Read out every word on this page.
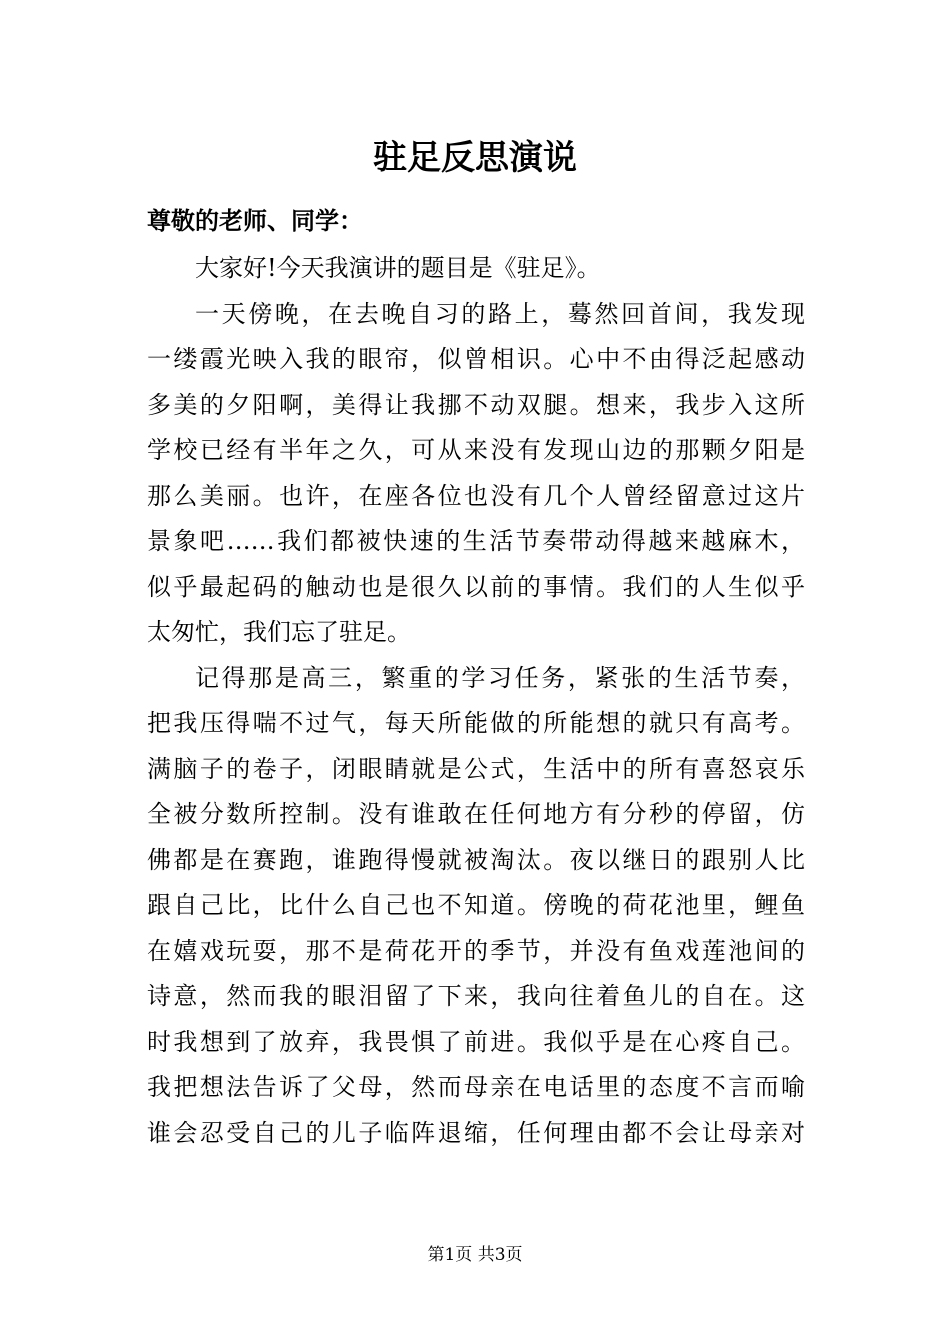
驻足反思演说
尊敬的老师、同学：
大家好!今天我演讲的题目是《驻足》。
一天傍晚，在去晚自习的路上，蓦然回首间，我发现
一缕霞光映入我的眼帘，似曾相识。心中不由得泛起感动
多美的夕阳啊，美得让我挪不动双腿。想来，我步入这所
学校已经有半年之久，可从来没有发现山边的那颗夕阳是
那么美丽。也许，在座各位也没有几个人曾经留意过这片
景象吧……我们都被快速的生活节奏带动得越来越麻木，
似乎最起码的触动也是很久以前的事情。我们的人生似乎
太匆忙，我们忘了驻足。
记得那是高三，繁重的学习任务，紧张的生活节奏，
把我压得喘不过气，每天所能做的所能想的就只有高考。
满脑子的卷子，闭眼睛就是公式，生活中的所有喜怒哀乐
全被分数所控制。没有谁敢在任何地方有分秒的停留，仿
佛都是在赛跑，谁跑得慢就被淘汰。夜以继日的跟别人比
跟自己比，比什么自己也不知道。傍晚的荷花池里，鲤鱼
在嬉戏玩耍，那不是荷花开的季节，并没有鱼戏莲池间的
诗意，然而我的眼泪留了下来，我向往着鱼儿的自在。这
时我想到了放弃，我畏惧了前进。我似乎是在心疼自己。
我把想法告诉了父母，然而母亲在电话里的态度不言而喻
谁会忍受自己的儿子临阵退缩，任何理由都不会让母亲对
第1页 共3页
